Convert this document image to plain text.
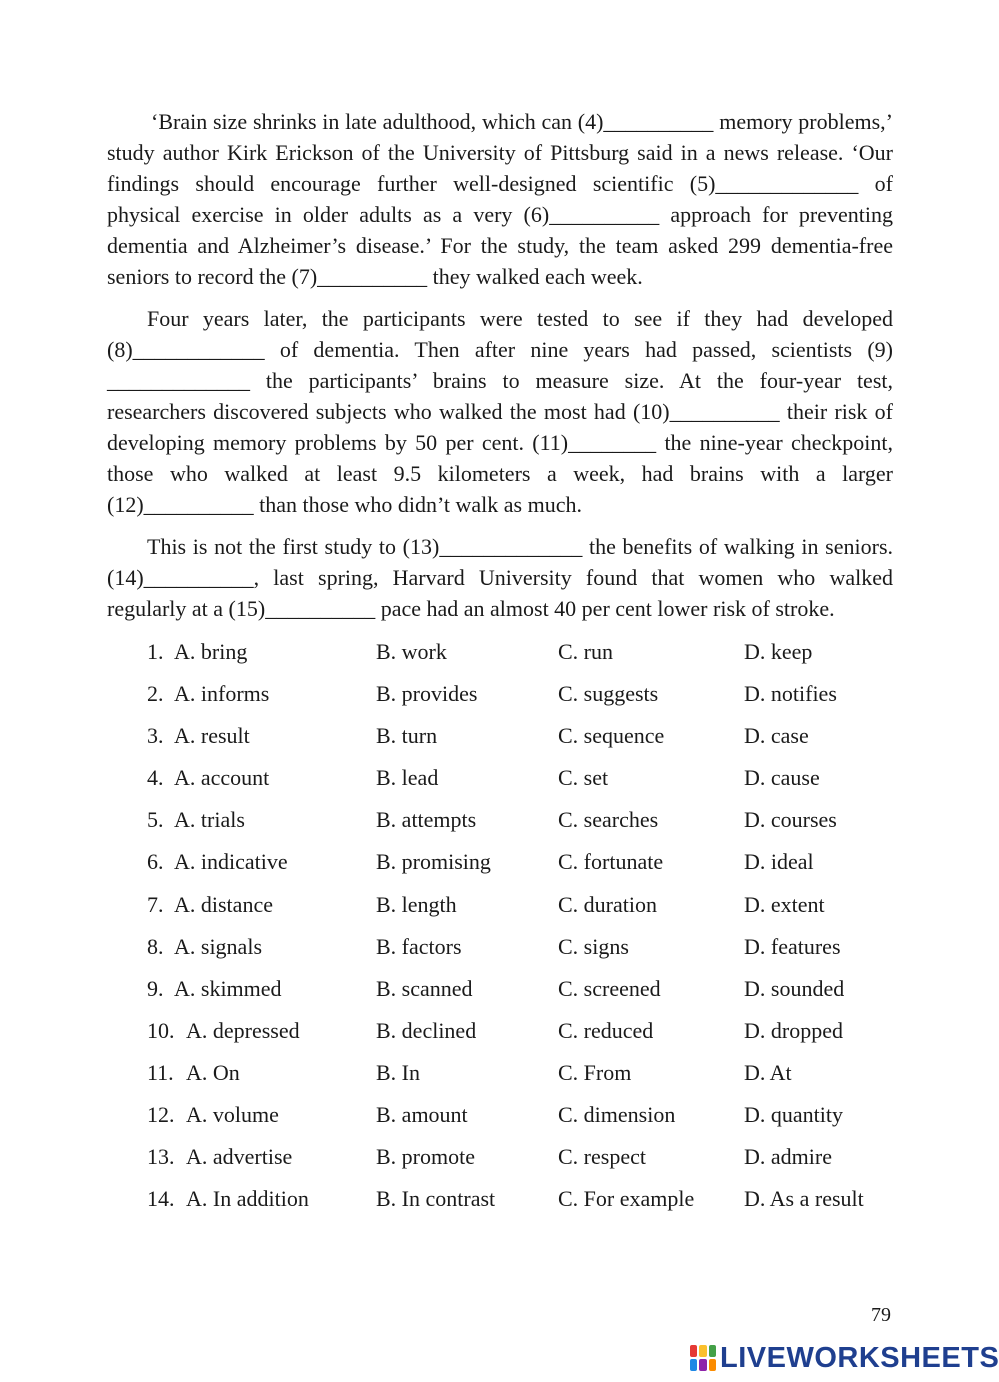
‘Brain size shrinks in late adulthood, which can (4)__________ memory problems,’ study author Kirk Erickson of the University of Pittsburg said in a news release. ‘Our findings should encourage further well-designed scientific (5)_____________ of physical exercise in older adults as a very (6)__________ approach for preventing dementia and Alzheimer’s disease.’ For the study, the team asked 299 dementia-free seniors to record the (7)__________ they walked each week.

Four years later, the participants were tested to see if they had developed (8)____________ of dementia. Then after nine years had passed, scientists (9) _____________ the participants’ brains to measure size. At the four-year test, researchers discovered subjects who walked the most had (10)__________ their risk of developing memory problems by 50 per cent. (11)________ the nine-year checkpoint, those who walked at least 9.5 kilometers a week, had brains with a larger (12)__________ than those who didn’t walk as much.

This is not the first study to (13)_____________ the benefits of walking in seniors. (14)__________, last spring, Harvard University found that women who walked regularly at a (15)__________ pace had an almost 40 per cent lower risk of stroke.

1. A. bring	B. work	C. run	D. keep
2. A. informs	B. provides	C. suggests	D. notifies
3. A. result	B. turn	C. sequence	D. case
4. A. account	B. lead	C. set	D. cause
5. A. trials	B. attempts	C. searches	D. courses
6. A. indicative	B. promising	C. fortunate	D. ideal
7. A. distance	B. length	C. duration	D. extent
8. A. signals	B. factors	C. signs	D. features
9. A. skimmed	B. scanned	C. screened	D. sounded
10. A. depressed	B. declined	C. reduced	D. dropped
11. A. On	B. In	C. From	D. At
12. A. volume	B. amount	C. dimension	D. quantity
13. A. advertise	B. promote	C. respect	D. admire
14. A. In addition	B. In contrast	C. For example D. As a result
79
LIVEWORKSHEETS
